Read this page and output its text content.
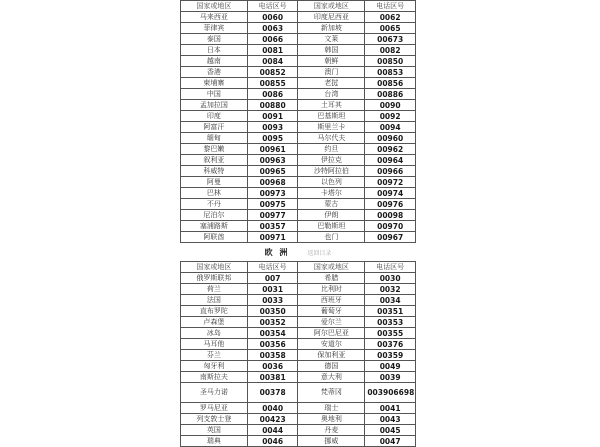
国家或地区	电话区号	国家或地区	电话区号
马来西亚	0060	印度尼西亚	0062
菲律宾	0063	新加坡	0065
泰国	0066	文莱	00673
日本	0081	韩国	0082
越南	0084	朝鲜	00850
香港	00852	澳门	00853
柬埔寨	00855	老挝	00856
中国	0086	台湾	00886
孟加拉国	00880	土耳其	0090
印度	0091	巴基斯坦	0092
阿富汗	0093	斯里兰卡	0094
缅甸	0095	马尔代夫	00960
黎巴嫩	00961	约旦	00962
叙利亚	00963	伊拉克	00964
科威特	00965	沙特阿拉伯	00966
阿曼	00968	以色列	00972
巴林	00973	卡塔尔	00974
不丹	00975	蒙古	00976
尼泊尔	00977	伊朗	00098
塞浦路斯	00357	巴勒斯坦	00970
阿联酋	00971	也门	00967
欧 洲	返回目录
国家或地区	电话区号	国家或地区	电话区号
俄罗斯联邦	007	希腊	0030
荷兰	0031	比利时	0032
法国	0033	西班牙	0034
直布罗陀	00350	葡萄牙	00351
卢森堡	00352	爱尔兰	00353
冰岛	00354	阿尔巴尼亚	00355
马耳他	00356	安道尔	00376
芬兰	00358	保加利亚	00359
匈牙利	0036	德国	0049
南斯拉夫	00381	意大利	0039
圣马力诺	00378	梵蒂冈	003906698
罗马尼亚	0040	瑞士	0041
列支敦士登	00423	奥地利	0043
英国	0044	丹麦	0045
瑞典	0046	挪威	0047
